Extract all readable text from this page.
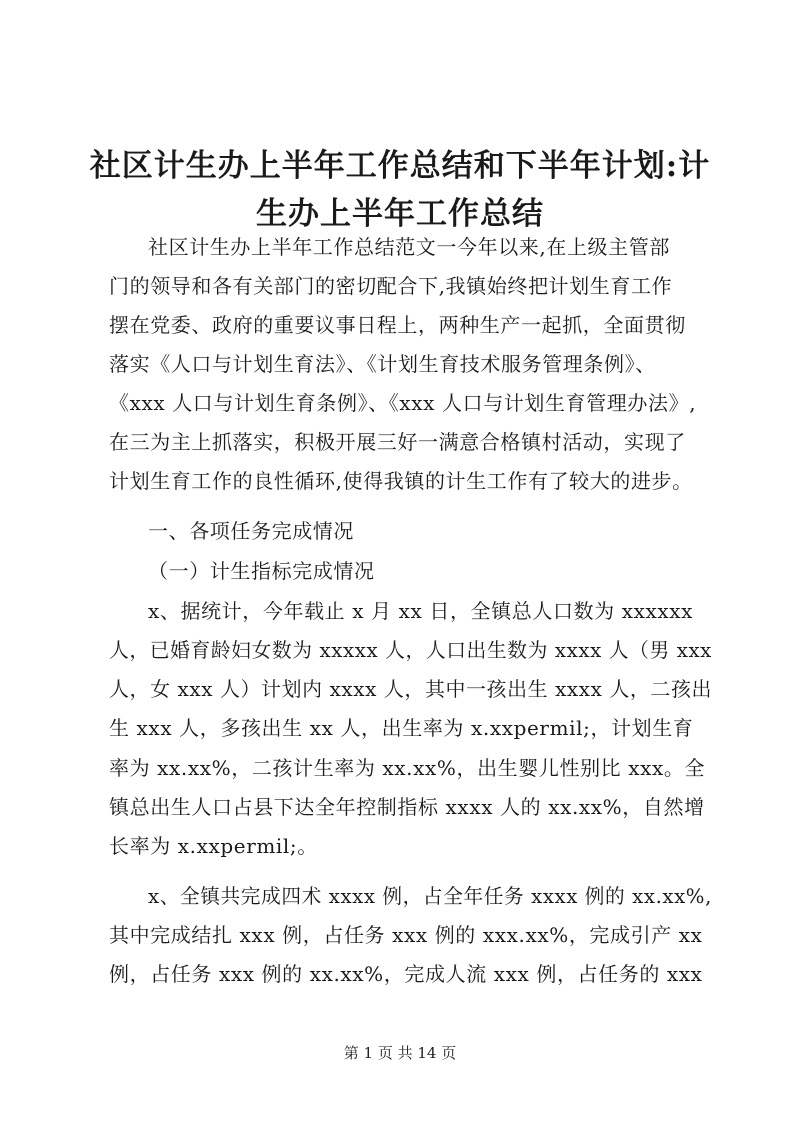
社区计生办上半年工作总结和下半年计划:计
生办上半年工作总结
社区计生办上半年工作总结范文一今年以来,在上级主管部
门的领导和各有关部门的密切配合下,我镇始终把计划生育工作
摆在党委、政府的重要议事日程上，两种生产一起抓，全面贯彻
落实《人口与计划生育法》、《计划生育技术服务管理条例》、
《xxx 人口与计划生育条例》、《xxx 人口与计划生育管理办法》,
在三为主上抓落实，积极开展三好一满意合格镇村活动，实现了
计划生育工作的良性循环,使得我镇的计生工作有了较大的进步。
一、各项任务完成情况
（一）计生指标完成情况
x、据统计，今年载止 x 月 xx 日，全镇总人口数为 xxxxxx
人，已婚育龄妇女数为 xxxxx 人，人口出生数为 xxxx 人（男 xxx
人，女 xxx 人）计划内 xxxx 人，其中一孩出生 xxxx 人，二孩出
生 xxx 人，多孩出生 xx 人，出生率为 x.xxpermil;，计划生育
率为 xx.xx%，二孩计生率为 xx.xx%，出生婴儿性别比 xxx。全
镇总出生人口占县下达全年控制指标 xxxx 人的 xx.xx%，自然增
长率为 x.xxpermil;。
x、全镇共完成四术 xxxx 例，占全年任务 xxxx 例的 xx.xx%,
其中完成结扎 xxx 例，占任务 xxx 例的 xxx.xx%，完成引产 xx
例，占任务 xxx 例的 xx.xx%，完成人流 xxx 例，占任务的 xxx
第 1 页 共 14 页
